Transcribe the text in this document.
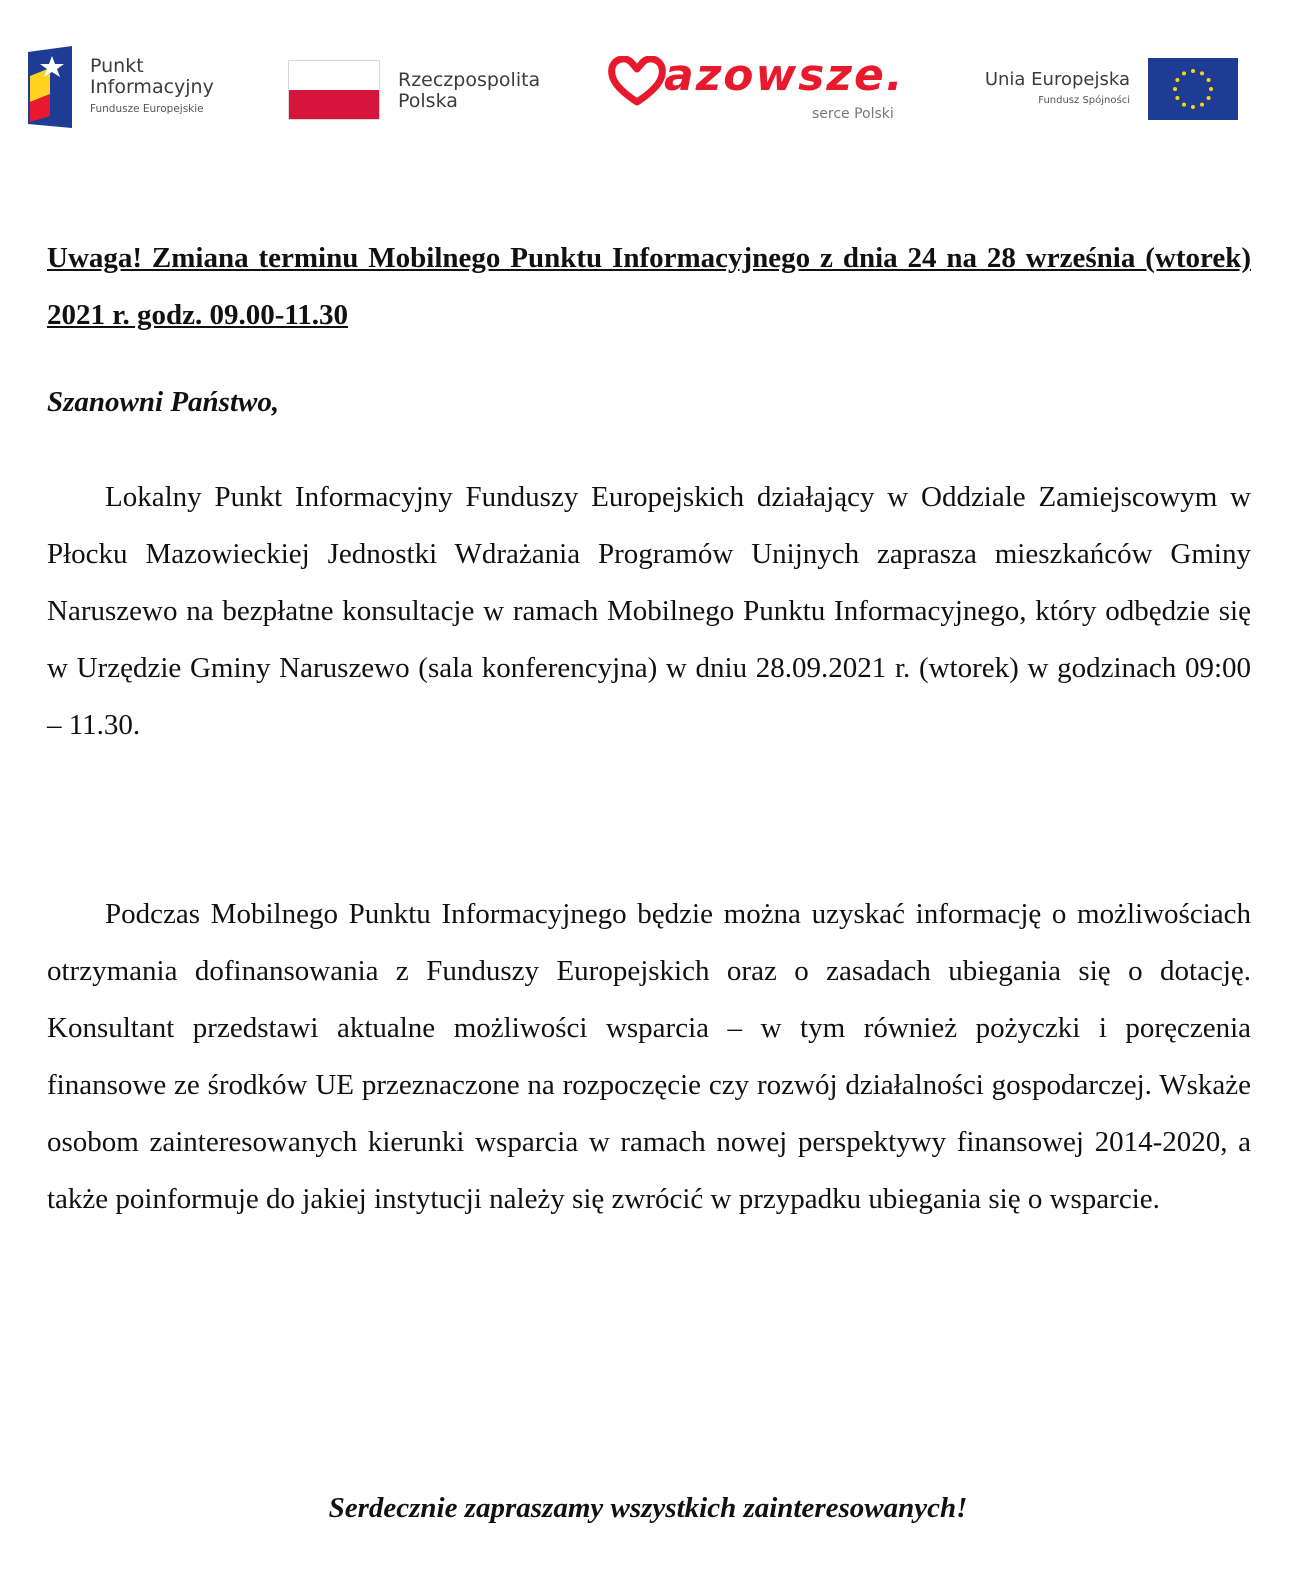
Punkt
Informacyjny
Fundusze Europejskie
Rzeczpospolita
Polska	azowsze.
serce Polski
Unia Europejska
Fundusz Spójności

Uwaga! Zmiana terminu Mobilnego Punktu Informacyjnego z dnia 24 na 28 września (wtorek) 2021 r. godz. 09.00-11.30

Szanowni Państwo,

Lokalny Punkt Informacyjny Funduszy Europejskich działający w Oddziale Zamiejscowym w Płocku Mazowieckiej Jednostki Wdrażania Programów Unijnych zaprasza mieszkańców Gminy Naruszewo na bezpłatne konsultacje w ramach Mobilnego Punktu Informacyjnego, który odbędzie się w Urzędzie Gminy Naruszewo (sala konferencyjna) w dniu 28.09.2021 r. (wtorek) w godzinach 09:00 – 11.30.

Podczas Mobilnego Punktu Informacyjnego będzie można uzyskać informację o możliwościach otrzymania dofinansowania z Funduszy Europejskich oraz o zasadach ubiegania się o dotację. Konsultant przedstawi aktualne możliwości wsparcia – w tym również pożyczki i poręczenia finansowe ze środków UE przeznaczone na rozpoczęcie czy rozwój działalności gospodarczej. Wskaże osobom zainteresowanych kierunki wsparcia w ramach nowej perspektywy finansowej 2014-2020, a także poinformuje do jakiej instytucji należy się zwrócić w przypadku ubiegania się o wsparcie.

Serdecznie zapraszamy wszystkich zainteresowanych!
